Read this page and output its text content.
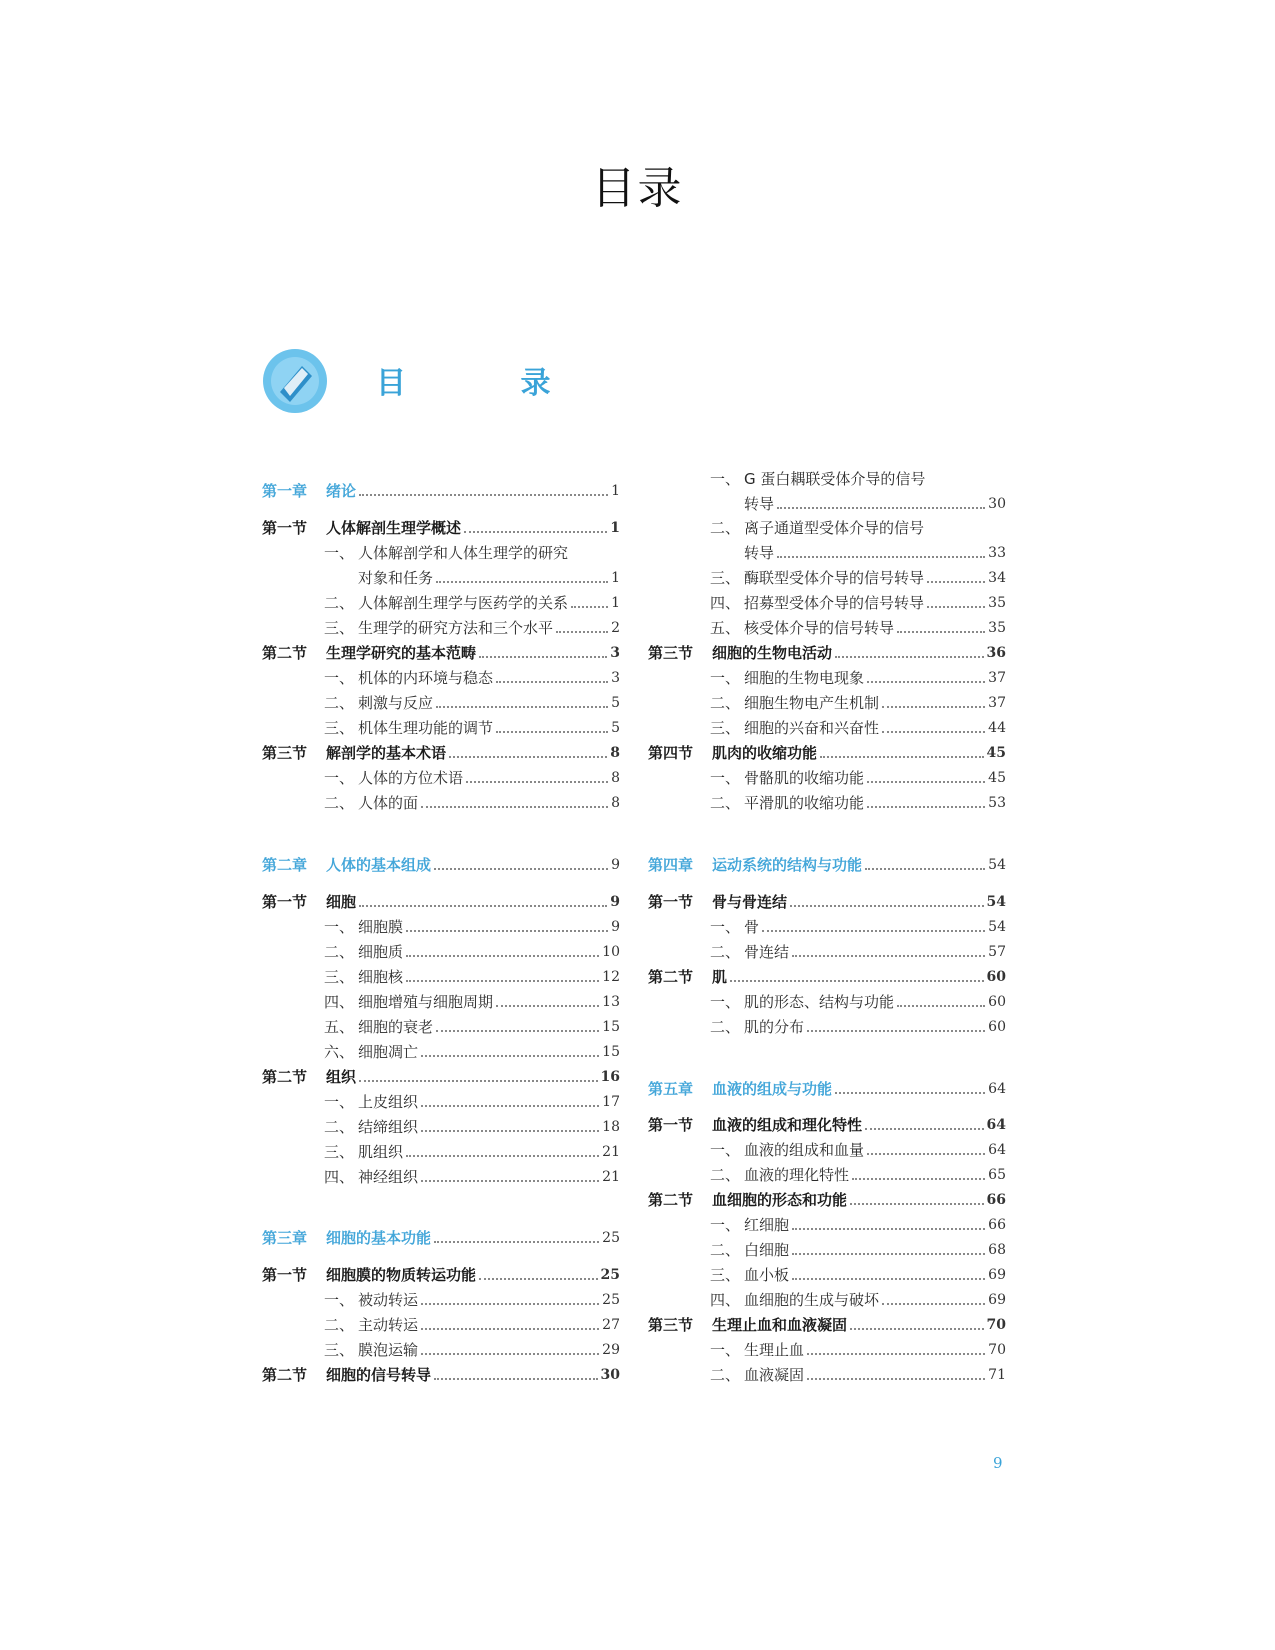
目录
目 录
第一章	绪论	1
第一节	人体解剖生理学概述	1
一、 人体解剖学和人体生理学的研究
对象和任务	1
二、 人体解剖生理学与医药学的关系	1
三、 生理学的研究方法和三个水平	2
第二节	生理学研究的基本范畴	3
一、 机体的内环境与稳态	3
二、 刺激与反应	5
三、 机体生理功能的调节	5
第三节	解剖学的基本术语	8
一、 人体的方位术语	8
二、 人体的面	8
第二章	人体的基本组成	9
第一节	细胞	9
一、 细胞膜	9
二、 细胞质	10
三、 细胞核	12
四、 细胞增殖与细胞周期	13
五、 细胞的衰老	15
六、 细胞凋亡	15
第二节	组织	16
一、 上皮组织	17
二、 结缔组织	18
三、 肌组织	21
四、 神经组织	21
第三章	细胞的基本功能	25
第一节	细胞膜的物质转运功能	25
一、 被动转运	25
二、 主动转运	27
三、 膜泡运输	29
第二节	细胞的信号转导	30
一、 G 蛋白耦联受体介导的信号
转导	30
二、 离子通道型受体介导的信号
转导	33
三、 酶联型受体介导的信号转导	34
四、 招募型受体介导的信号转导	35
五、 核受体介导的信号转导	35
第三节	细胞的生物电活动	36
一、 细胞的生物电现象	37
二、 细胞生物电产生机制	37
三、 细胞的兴奋和兴奋性	44
第四节	肌肉的收缩功能	45
一、 骨骼肌的收缩功能	45
二、 平滑肌的收缩功能	53
第四章	运动系统的结构与功能	54
第一节	骨与骨连结	54
一、 骨	54
二、 骨连结	57
第二节	肌	60
一、 肌的形态、结构与功能	60
二、 肌的分布	60
第五章	血液的组成与功能	64
第一节	血液的组成和理化特性	64
一、 血液的组成和血量	64
二、 血液的理化特性	65
第二节	血细胞的形态和功能	66
一、 红细胞	66
二、 白细胞	68
三、 血小板	69
四、 血细胞的生成与破坏	69
第三节	生理止血和血液凝固	70
一、 生理止血	70
二、 血液凝固	71
9
